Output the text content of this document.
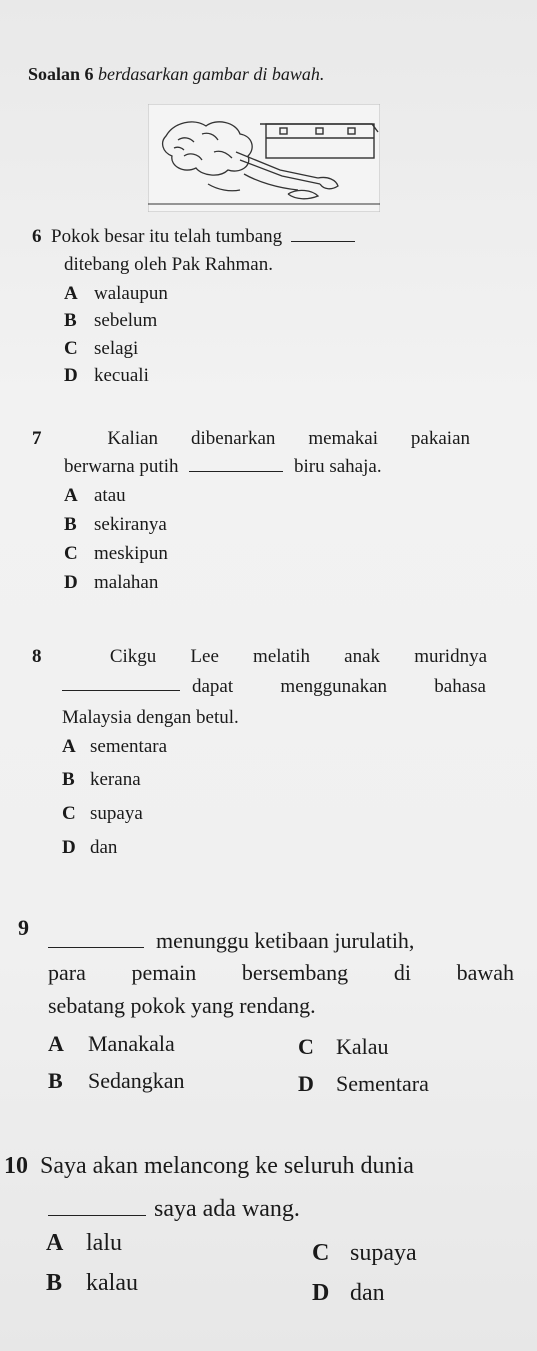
Soalan 6 berdasarkan gambar di bawah.
6 Pokok besar itu telah tumbang
ditebang oleh Pak Rahman.
A walaupun
B sebelum
C selagi
D kecuali
7	Kalian dibenarkan memakai pakaian
berwarna putih	biru sahaja.
A atau
B sekiranya
C meskipun
D malahan
8	Cikgu Lee melatih anak muridnya
dapat menggunakan bahasa
Malaysia dengan betul.
A sementara
B kerana
C supaya
D dan
9
menunggu ketibaan jurulatih,
para pemain bersembang di bawah
sebatang pokok yang rendang.
A Manakala	C Kalau
B Sedangkan	D Sementara
10 Saya akan melancong ke seluruh dunia
saya ada wang.
A lalu	C supaya
B kalau	D dan
